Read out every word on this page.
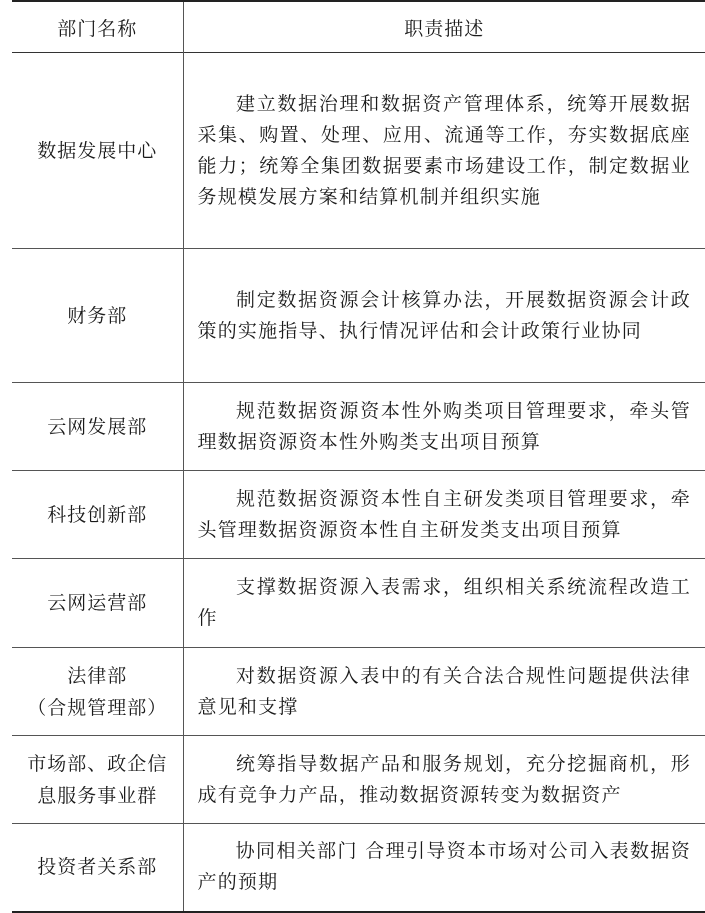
部门名称	职责描述

数据发展中心	建立数据治理和数据资产管理体系，统筹开展数据采集、购置、处理、应用、流通等工作，夯实数据底座能力；统筹全集团数据要素市场建设工作，制定数据业务规模发展方案和结算机制并组织实施

财务部	制定数据资源会计核算办法，开展数据资源会计政策的实施指导、执行情况评估和会计政策行业协同

云网发展部	规范数据资源资本性外购类项目管理要求，牵头管理数据资源资本性外购类支出项目预算

科技创新部	规范数据资源资本性自主研发类项目管理要求，牵头管理数据资源资本性自主研发类支出项目预算

云网运营部	支撑数据资源入表需求，组织相关系统流程改造工作

法律部
（合规管理部）	对数据资源入表中的有关合法合规性问题提供法律意见和支撑

市场部、政企信
息服务事业群	统筹指导数据产品和服务规划，充分挖掘商机，形成有竞争力产品，推动数据资源转变为数据资产

投资者关系部	协同相关部门 合理引导资本市场对公司入表数据资产的预期
